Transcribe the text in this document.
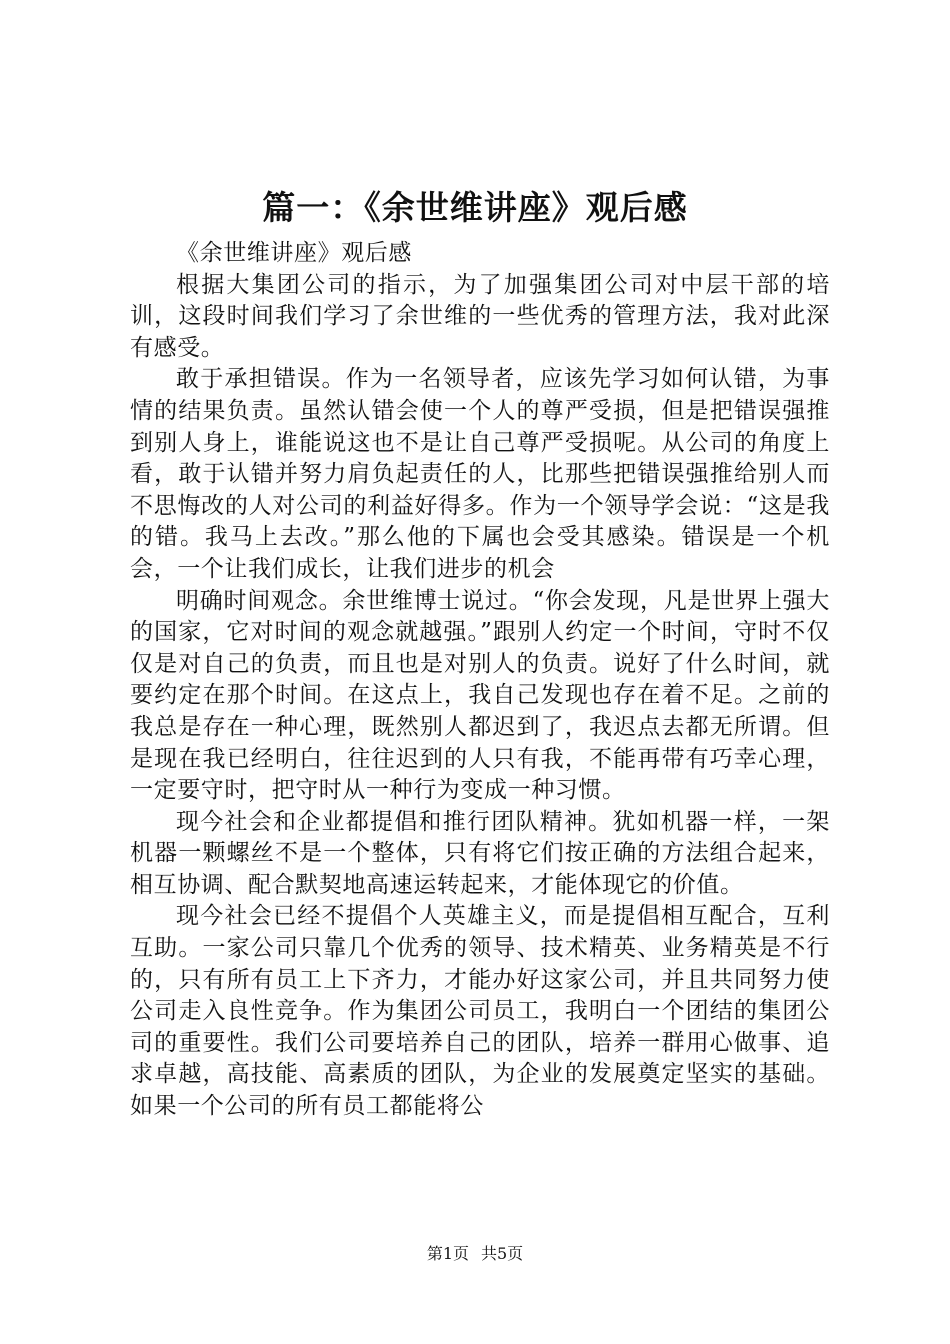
篇一：《余世维讲座》观后感

《余世维讲座》观后感

根据大集团公司的指示，为了加强集团公司对中层干部的培训，这段时间我们学习了余世维的一些优秀的管理方法，我对此深有感受。

敢于承担错误。作为一名领导者，应该先学习如何认错，为事情的结果负责。虽然认错会使一个人的尊严受损，但是把错误强推到别人身上，谁能说这也不是让自己尊严受损呢。从公司的角度上看，敢于认错并努力肩负起责任的人，比那些把错误强推给别人而不思悔改的人对公司的利益好得多。作为一个领导学会说：“这是我的错。我马上去改。”那么他的下属也会受其感染。错误是一个机会，一个让我们成长，让我们进步的机会

明确时间观念。余世维博士说过。“你会发现，凡是世界上强大的国家，它对时间的观念就越强。”跟别人约定一个时间，守时不仅仅是对自己的负责，而且也是对别人的负责。说好了什么时间，就要约定在那个时间。在这点上，我自己发现也存在着不足。之前的我总是存在一种心理，既然别人都迟到了，我迟点去都无所谓。但是现在我已经明白，往往迟到的人只有我，不能再带有巧幸心理，一定要守时，把守时从一种行为变成一种习惯。

现今社会和企业都提倡和推行团队精神。犹如机器一样，一架机器一颗螺丝不是一个整体，只有将它们按正确的方法组合起来，相互协调、配合默契地高速运转起来，才能体现它的价值。

现今社会已经不提倡个人英雄主义，而是提倡相互配合，互利互助。一家公司只靠几个优秀的领导、技术精英、业务精英是不行的，只有所有员工上下齐力，才能办好这家公司，并且共同努力使公司走入良性竞争。作为集团公司员工，我明白一个团结的集团公司的重要性。我们公司要培养自己的团队，培养一群用心做事、追求卓越，高技能、高素质的团队，为企业的发展奠定坚实的基础。如果一个公司的所有员工都能将公

第1页 共5页
